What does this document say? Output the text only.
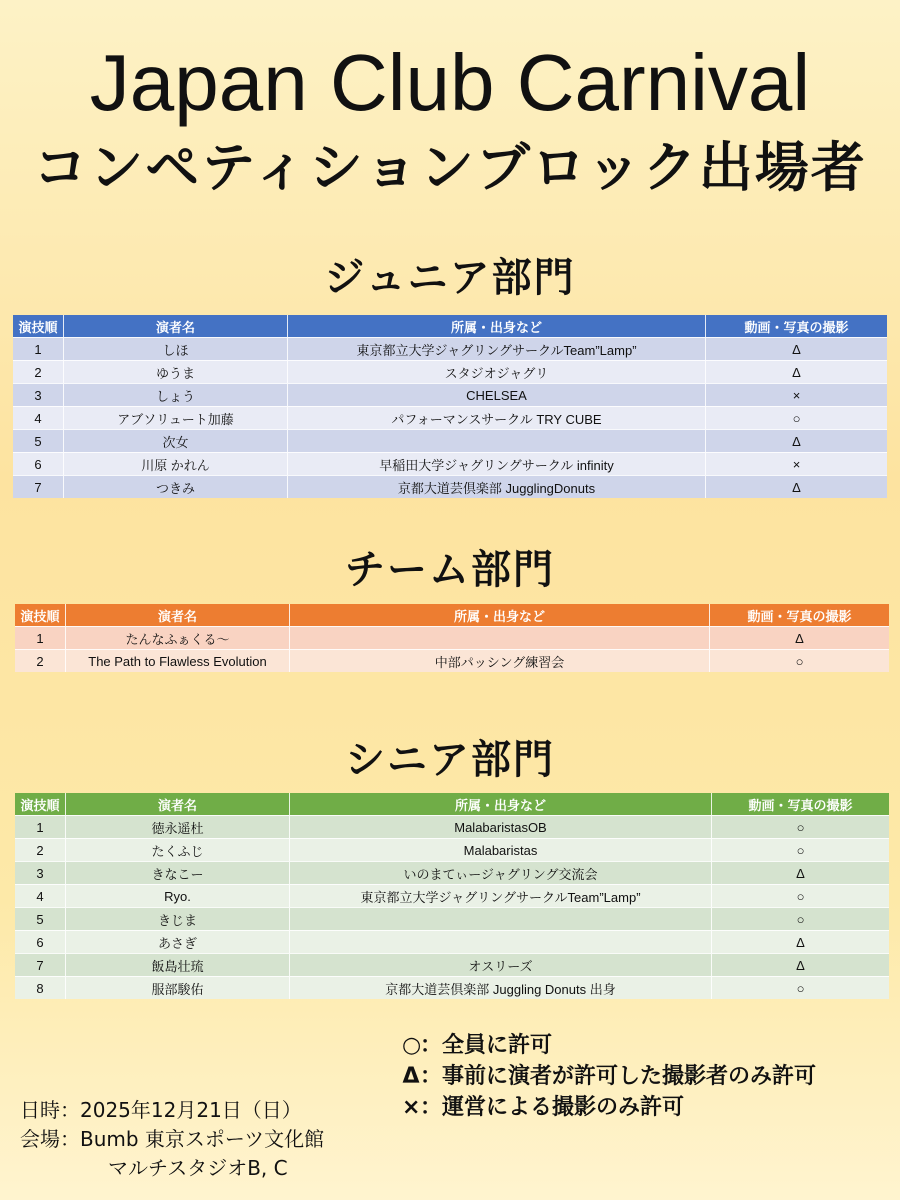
Japan Club Carnival
コンペティションブロック出場者
ジュニア部門
演技順	演者名	所属・出身など	動画・写真の撮影
1	しほ	東京都立大学ジャグリングサークルTeam”Lamp”	Δ
2	ゆうま	スタジオジャグリ	Δ
3	しょう	CHELSEA	×
4	アブソリュート加藤	パフォーマンスサークル TRY CUBE	○
5	次女		Δ
6	川原 かれん	早稲田大学ジャグリングサークル infinity	×
7	つきみ	京都大道芸倶楽部 JugglingDonuts	Δ
チーム部門
演技順	演者名	所属・出身など	動画・写真の撮影
1	たんなふぁくる〜		Δ
2	The Path to Flawless Evolution	中部パッシング練習会	○
シニア部門
演技順	演者名	所属・出身など	動画・写真の撮影
1	徳永遥杜	MalabaristasOB	○
2	たくふじ	Malabaristas	○
3	きなこー	いのまてぃージャグリング交流会	Δ
4	Ryo.	東京都立大学ジャグリングサークルTeam”Lamp”	○
5	きじま		○
6	あさぎ		Δ
7	飯島壮琉	オスリーズ	Δ
8	服部駿佑	京都大道芸倶楽部 Juggling Donuts 出身	○
○：全員に許可
Δ：事前に演者が許可した撮影者のみ許可
×：運営による撮影のみ許可
日時：2025年12月21日（日）
会場：Bumb 東京スポーツ文化館
マルチスタジオB, C
